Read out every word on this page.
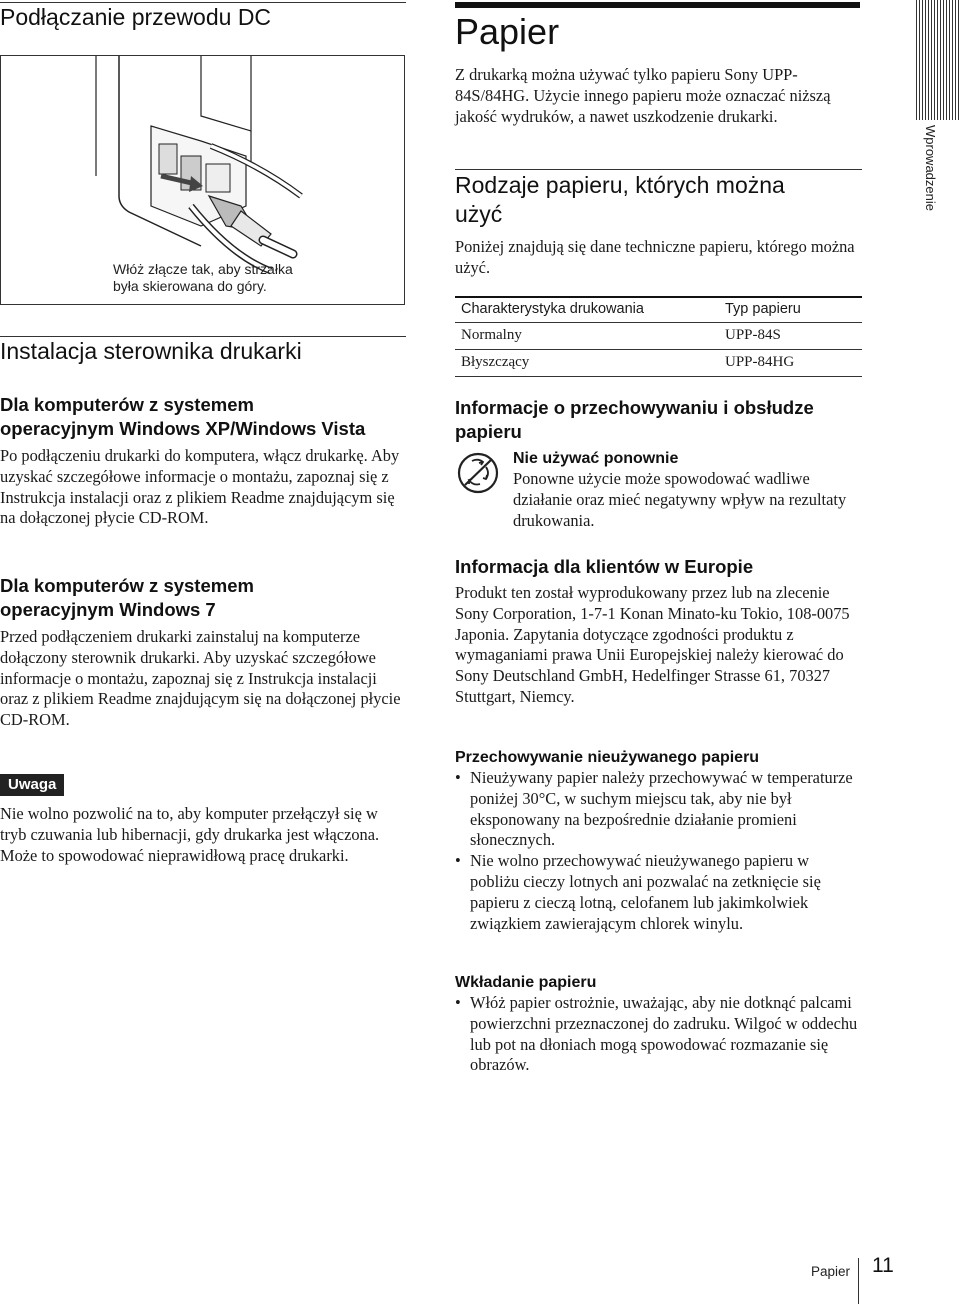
Podłączanie przewodu DC
Włóż złącze tak, aby strzałka
była skierowana do góry.
Instalacja sterownika drukarki
Dla komputerów z systemem
operacyjnym Windows XP/Windows Vista
Po podłączeniu drukarki do komputera, włącz drukarkę. Aby uzyskać szczegółowe informacje o montażu, zapoznaj się z Instrukcja instalacji oraz z plikiem Readme znajdującym się na dołączonej płycie CD-ROM.
Dla komputerów z systemem
operacyjnym Windows 7
Przed podłączeniem drukarki zainstaluj na komputerze dołączony sterownik drukarki. Aby uzyskać szczegółowe informacje o montażu, zapoznaj się z Instrukcja instalacji oraz z plikiem Readme znajdującym się na dołączonej płycie CD-ROM.
Uwaga
Nie wolno pozwolić na to, aby komputer przełączył się w tryb czuwania lub hibernacji, gdy drukarka jest włączona. Może to spowodować nieprawidłową pracę drukarki.
Papier
Z drukarką można używać tylko papieru Sony UPP-84S/84HG. Użycie innego papieru może oznaczać niższą jakość wydruków, a nawet uszkodzenie drukarki.
Rodzaje papieru, których można
użyć
Poniżej znajdują się dane techniczne papieru, którego można użyć.
Charakterystyka drukowania	Typ papieru
Normalny	UPP-84S
Błyszczący	UPP-84HG
Informacje o przechowywaniu i obsłudze
papieru
Nie używać ponownie
Ponowne użycie może spowodować wadliwe działanie oraz mieć negatywny wpływ na rezultaty drukowania.
Informacja dla klientów w Europie
Produkt ten został wyprodukowany przez lub na zlecenie Sony Corporation, 1-7-1 Konan Minato-ku Tokio, 108-0075 Japonia. Zapytania dotyczące zgodności produktu z wymaganiami prawa Unii Europejskiej należy kierować do Sony Deutschland GmbH, Hedelfinger Strasse 61, 70327 Stuttgart, Niemcy.
Przechowywanie nieużywanego papieru
• Nieużywany papier należy przechowywać w temperaturze poniżej 30°C, w suchym miejscu tak, aby nie był eksponowany na bezpośrednie działanie promieni słonecznych.
• Nie wolno przechowywać nieużywanego papieru w pobliżu cieczy lotnych ani pozwalać na zetknięcie się papieru z cieczą lotną, celofanem lub jakimkolwiek związkiem zawierającym chlorek winylu.
Wkładanie papieru
• Włóż papier ostrożnie, uważając, aby nie dotknąć palcami powierzchni przeznaczonej do zadruku. Wilgoć w oddechu lub pot na dłoniach mogą spowodować rozmazanie się obrazów.
Wprowadzenie
Papier 11
